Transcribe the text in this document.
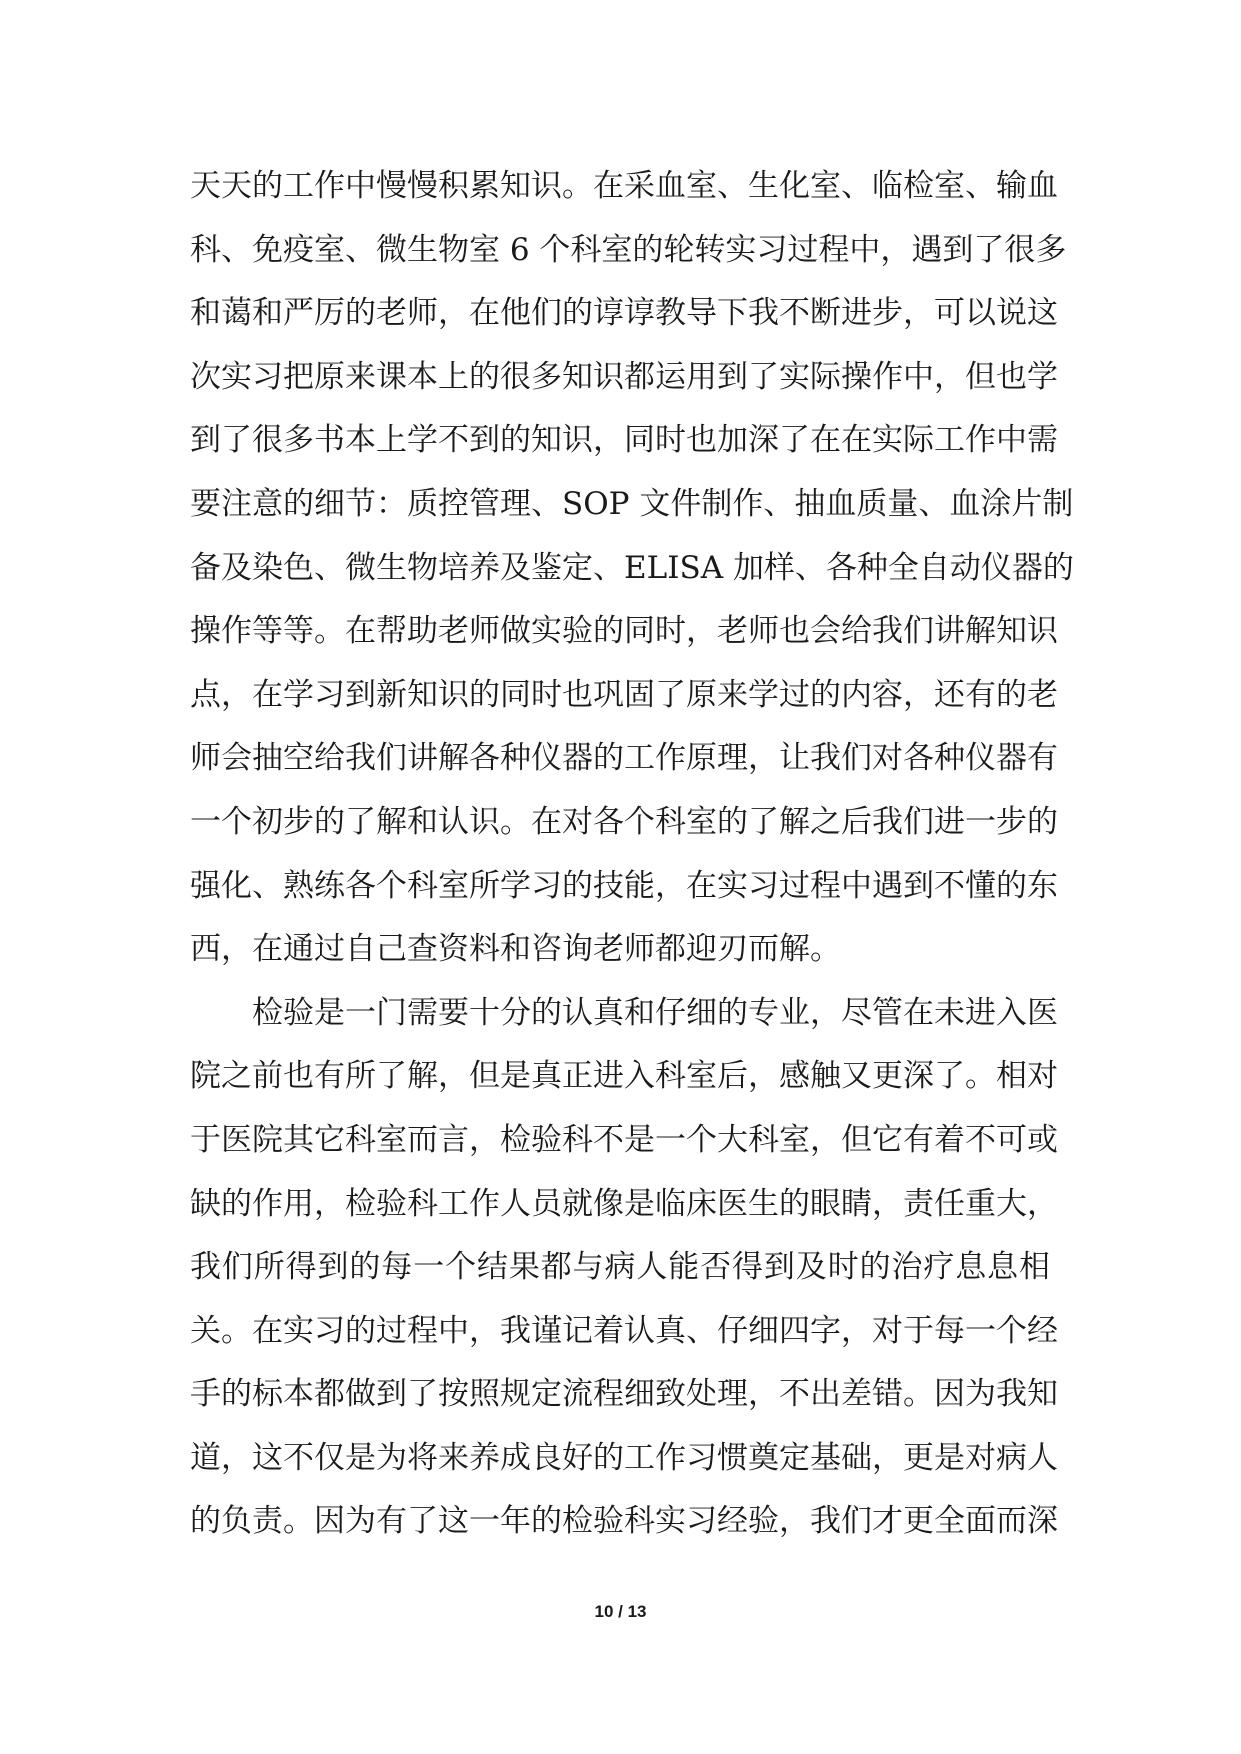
天天的工作中慢慢积累知识。在采血室、生化室、临检室、输血
科、免疫室、微生物室 6 个科室的轮转实习过程中，遇到了很多
和蔼和严厉的老师，在他们的谆谆教导下我不断进步，可以说这
次实习把原来课本上的很多知识都运用到了实际操作中，但也学
到了很多书本上学不到的知识，同时也加深了在在实际工作中需
要注意的细节：质控管理、SOP 文件制作、抽血质量、血涂片制
备及染色、微生物培养及鉴定、ELISA 加样、各种全自动仪器的
操作等等。在帮助老师做实验的同时，老师也会给我们讲解知识
点，在学习到新知识的同时也巩固了原来学过的内容，还有的老
师会抽空给我们讲解各种仪器的工作原理，让我们对各种仪器有
一个初步的了解和认识。在对各个科室的了解之后我们进一步的
强化、熟练各个科室所学习的技能，在实习过程中遇到不懂的东
西，在通过自己查资料和咨询老师都迎刃而解。
检验是一门需要十分的认真和仔细的专业，尽管在未进入医
院之前也有所了解，但是真正进入科室后，感触又更深了。相对
于医院其它科室而言，检验科不是一个大科室，但它有着不可或
缺的作用，检验科工作人员就像是临床医生的眼睛，责任重大，
我们所得到的每一个结果都与病人能否得到及时的治疗息息相
关。在实习的过程中，我谨记着认真、仔细四字，对于每一个经
手的标本都做到了按照规定流程细致处理，不出差错。因为我知
道，这不仅是为将来养成良好的工作习惯奠定基础，更是对病人
的负责。因为有了这一年的检验科实习经验，我们才更全面而深
10 / 13
